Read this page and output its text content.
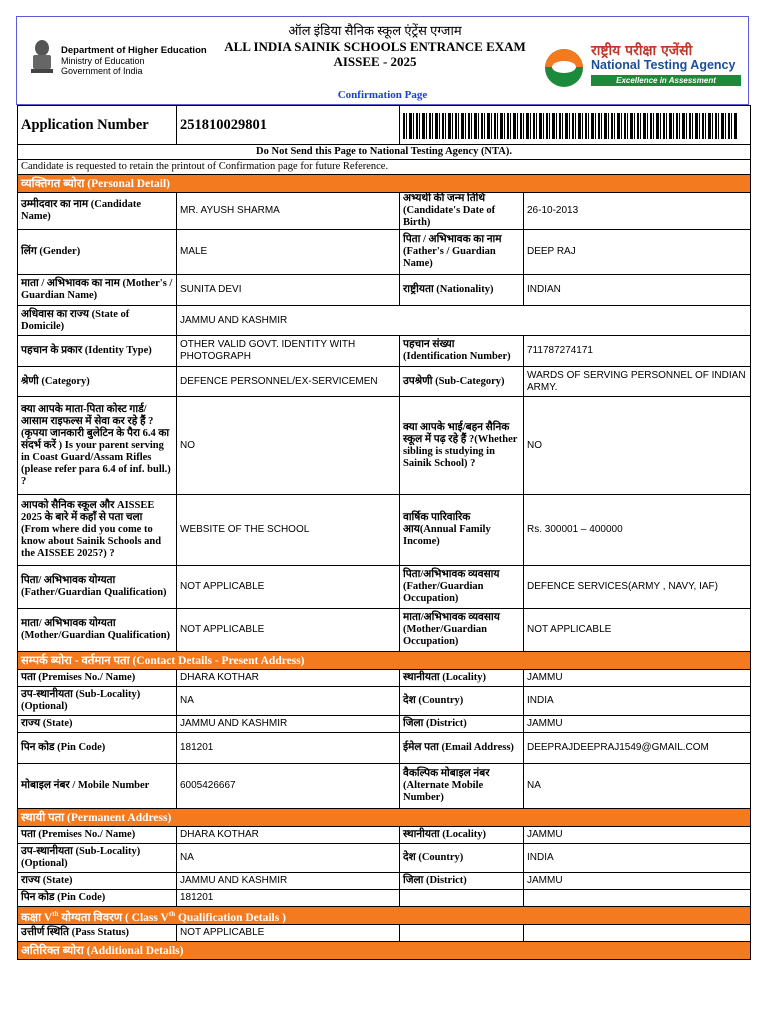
Department of Higher Education
Ministry of Education
Government of India
ऑल इंडिया सैनिक स्कूल एंट्रेंस एग्जाम
ALL INDIA SAINIK SCHOOLS ENTRANCE EXAM
AISSEE - 2025
राष्ट्रीय परीक्षा एजेंसी
National Testing Agency
Excellence in Assessment
Confirmation Page
Application Number	251810029801		

Do Not Send this Page to National Testing Agency (NTA).			
Candidate is requested to retain the printout of Confirmation page for future Reference.			
व्यक्तिगत ब्योरा (Personal Detail)			
उम्मीदवार का नाम (Candidate Name)	MR. AYUSH SHARMA	अभ्यर्थी की जन्म तिथि (Candidate's Date of Birth)	26-10-2013
लिंग (Gender)	MALE	पिता / अभिभावक का नाम (Father's / Guardian Name)	DEEP RAJ
माता / अभिभावक का नाम (Mother's / Guardian Name)	SUNITA DEVI	राष्ट्रीयता (Nationality)	INDIAN
अधिवास का राज्य (State of Domicile)	JAMMU AND KASHMIR		
पहचान के प्रकार (Identity Type)	OTHER VALID GOVT. IDENTITY WITH PHOTOGRAPH	पहचान संख्या (Identification Number)	711787274171
श्रेणी (Category)	DEFENCE PERSONNEL/EX-SERVICEMEN	उपश्रेणी (Sub-Category)	WARDS OF SERVING PERSONNEL OF INDIAN ARMY.
क्या आपके माता-पिता कोस्ट गार्ड/आसाम राइफल्स में सेवा कर रहे हैं ? (कृपया जानकारी बुलेटिन के पैरा 6.4 का संदर्भ करें ) Is your parent serving in Coast Guard/Assam Rifles (please refer para 6.4 of inf. bull.) ?	NO	क्या आपके भाई/बहन सैनिक स्कूल में पढ़ रहे हैं ?(Whether sibling is studying in Sainik School) ?	NO
आपको सैनिक स्कूल और AISSEE 2025 के बारे में कहाँ से पता चला (From where did you come to know about Sainik Schools and the AISSEE 2025?) ?	WEBSITE OF THE SCHOOL	वार्षिक पारिवारिक आय(Annual Family Income)	Rs. 300001 – 400000
पिता/ अभिभावक योग्यता (Father/Guardian Qualification)	NOT APPLICABLE	पिता/अभिभावक व्यवसाय (Father/Guardian Occupation)	DEFENCE SERVICES(ARMY , NAVY, IAF)
माता/ अभिभावक योग्यता (Mother/Guardian Qualification)	NOT APPLICABLE	माता/अभिभावक व्यवसाय (Mother/Guardian Occupation)	NOT APPLICABLE
सम्पर्क ब्योरा - वर्तमान पता (Contact Details - Present Address)			
पता (Premises No./ Name)	DHARA KOTHAR	स्थानीयता (Locality)	JAMMU
उप-स्थानीयता (Sub-Locality)(Optional)	NA	देश (Country)	INDIA
राज्य (State)	JAMMU AND KASHMIR	जिला (District)	JAMMU
पिन कोड (Pin Code)	181201	ईमेल पता (Email Address)	DEEPRAJDEEPRAJ1549@GMAIL.COM
मोबाइल नंबर / Mobile Number	6005426667	वैकल्पिक मोबाइल नंबर (Alternate Mobile Number)	NA
स्थायी पता (Permanent Address)			
पता (Premises No./ Name)	DHARA KOTHAR	स्थानीयता (Locality)	JAMMU
उप-स्थानीयता (Sub-Locality)(Optional)	NA	देश (Country)	INDIA
राज्य (State)	JAMMU AND KASHMIR	जिला (District)	JAMMU
पिन कोड (Pin Code)	181201		
कक्षा Vth योग्यता विवरण ( Class Vth Qualification Details )			
उत्तीर्ण स्थिति (Pass Status)	NOT APPLICABLE		
अतिरिक्त ब्योरा (Additional Details)			
